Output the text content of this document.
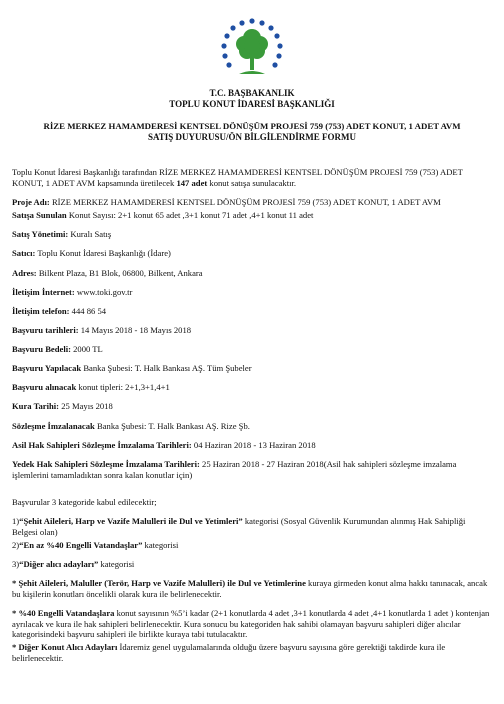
T.C. BAŞBAKANLIK
TOPLU KONUT İDARESİ BAŞKANLIĞI
RİZE MERKEZ HAMAMDERESİ KENTSEL DÖNÜŞÜM PROJESİ 759 (753) ADET KONUT, 1 ADET AVM
SATIŞ DUYURUSU/ÖN BİLGİLENDİRME FORMU

Toplu Konut İdaresi Başkanlığı tarafından RİZE MERKEZ HAMAMDERESİ KENTSEL DÖNÜŞÜM PROJESİ 759 (753) ADET KONUT, 1 ADET AVM kapsamında üretilecek 147 adet konut satışa sunulacaktır.

Proje Adı: RİZE MERKEZ HAMAMDERESİ KENTSEL DÖNÜŞÜM PROJESİ 759 (753) ADET KONUT, 1 ADET AVM
Satışa Sunulan Konut Sayısı: 2+1 konut 65 adet ,3+1 konut 71 adet ,4+1 konut 11 adet
Satış Yönetimi: Kuralı Satış
Satıcı: Toplu Konut İdaresi Başkanlığı (İdare)
Adres: Bilkent Plaza, B1 Blok, 06800, Bilkent, Ankara
İletişim İnternet: www.toki.gov.tr
İletişim telefon: 444 86 54
Başvuru tarihleri: 14 Mayıs 2018 - 18 Mayıs 2018
Başvuru Bedeli: 2000 TL
Başvuru Yapılacak Banka Şubesi: T. Halk Bankası AŞ. Tüm Şubeler
Başvuru alınacak konut tipleri: 2+1,3+1,4+1
Kura Tarihi: 25 Mayıs 2018
Sözleşme İmzalanacak Banka Şubesi: T. Halk Bankası AŞ. Rize Şb.
Asil Hak Sahipleri Sözleşme İmzalama Tarihleri: 04 Haziran 2018 - 13 Haziran 2018
Yedek Hak Sahipleri Sözleşme İmzalama Tarihleri: 25 Haziran 2018 - 27 Haziran 2018(Asil hak sahipleri sözleşme imzalama işlemlerini tamamladıktan sonra kalan konutlar için)
Başvurular 3 kategoride kabul edilecektir;
1)“Şehit Aileleri, Harp ve Vazife Malulleri ile Dul ve Yetimleri” kategorisi (Sosyal Güvenlik Kurumundan alınmış Hak Sahipliği Belgesi olan)
2)“En az %40 Engelli Vatandaşlar” kategorisi
3)“Diğer alıcı adayları” kategorisi
* Şehit Aileleri, Maluller (Terör, Harp ve Vazife Malulleri) ile Dul ve Yetimlerine kuraya girmeden konut alma hakkı tanınacak, ancak bu kişilerin konutları öncelikli olarak kura ile belirlenecektir.
* %40 Engelli Vatandaşlara konut sayısının %5’i kadar (2+1 konutlarda 4 adet ,3+1 konutlarda 4 adet ,4+1 konutlarda 1 adet ) kontenjan ayrılacak ve kura ile hak sahipleri belirlenecektir. Kura sonucu bu kategoriden hak sahibi olamayan başvuru sahipleri diğer alıcılar kategorisindeki başvuru sahipleri ile birlikte kuraya tabi tutulacaktır.
* Diğer Konut Alıcı Adayları İdaremiz genel uygulamalarında olduğu üzere başvuru sayısına göre gerektiği takdirde kura ile belirlenecektir.
